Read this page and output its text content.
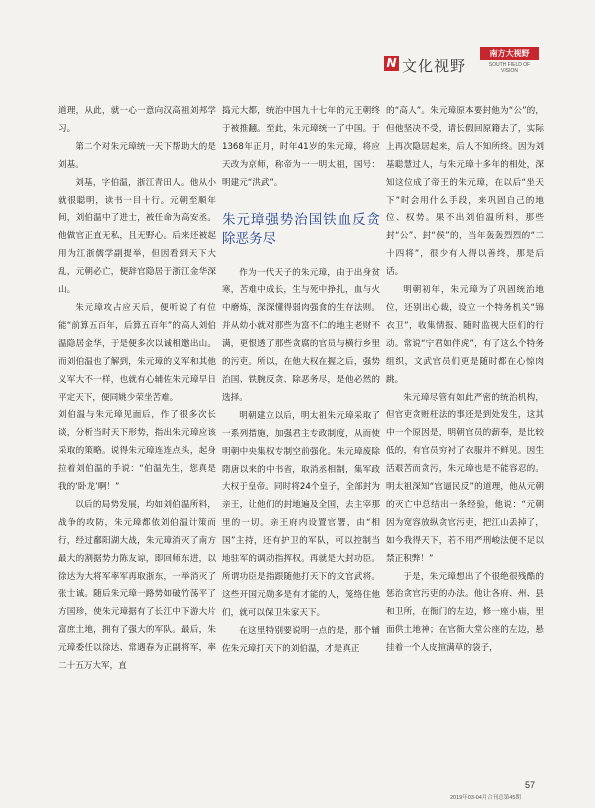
N 文化视野
南方大视野
SOUTH FIELD OF VISION

道理，从此，就一心一意向汉高祖刘邦学习。

第二个对朱元璋统一天下帮助大的是刘基。

刘基，字伯温，浙江青田人。他从小就很聪明，读书一目十行。元朝至顺年间，刘伯温中了进士，被任命为高安丞。他做官正直无私，且无野心。后来还被起用为江浙儒学副提举，但因看到天下大乱，元朝必亡，便辞官隐居于浙江金华深山。

朱元璋攻占应天后，便听说了有位能“前算五百年，后算五百年”的高人刘伯温隐居金华，于是便多次以诚相邀出山。而刘伯温也了解到，朱元璋的义军和其他义军大不一样，也就有心辅佐朱元璋早日平定天下，便同姚少荣坐苦难。

刘伯温与朱元璋见面后，作了很多次长谈，分析当时天下形势，指出朱元璋应该采取的策略。说得朱元璋连连点头，起身拉着刘伯温的手说：“伯温先生，您真是我的‘卧龙’啊！”

以后的局势发展，均如刘伯温所料，战争的攻防，朱元璋都依刘伯温计策而行，经过鄱阳湖大战，朱元璋消灭了南方最大的割据势力陈友谅，即回师东进，以徐达为大将军率军再取浙东，一举消灭了张士诚。随后朱元璋一路势如破竹荡平了方国珍，使朱元璋据有了长江中下游大片富庶土地，拥有了强大的军队。最后，朱元璋委任以徐达、常遇春为正副将军，率二十五万大军，直

捣元大都，统治中国九十七年的元王朝终于被推翻。至此，朱元璋统一了中国。于1368年正月，时年41岁的朱元璋，将应天改为京师，称帝为一一明太祖，国号：明建元“洪武”。

朱元璋强势治国铁血反贪除恶务尽

作为一代天子的朱元璋，由于出身贫寒，苦难中成长，生与死中挣扎，血与火中磨炼，深深懂得弱肉强食的生存法则。并从幼小就对那些为富不仁的地主老财不满，更恨透了那些贪腐的官员与横行乡里的污吏。所以，在他大权在握之后，强势治国、铁腕反贪、除恶务尽，是他必然的选择。

明朝建立以后，明太祖朱元璋采取了一系列措施，加强君主专政制度，从而使明朝中央集权专制空前强化。朱元璋废除隋唐以来的中书省，取消丞相制，集军政大权于皇帝。同时将24个皇子，全部封为亲王，让他们的封地遍及全国，去主宰那里的一切。亲王府内设置官署，由“相国”主持，还有护卫的军队，可以控制当地驻军的调动指挥权。再就是大封功臣。所谓功臣是指跟随他打天下的文官武将。这些开国元勋多是有才能的人，笼络住他们，就可以保卫朱家天下。

在这里特别要说明一点的是，那个辅佐朱元璋打天下的刘伯温，才是真正

的“高人”。朱元璋原本要封他为“公”的，但他坚决不受，请长假回原籍去了，实际上再次隐居起来，后人不知所终。因为刘基聪慧过人，与朱元璋十多年的相处，深知这位成了帝王的朱元璋，在以后“坐天下”时会用什么手段，来巩固自己的地位、权势。果不出刘伯温所料，那些封“公”、封“侯”的，当年轰轰烈烈的“二十四将”，很少有人得以善终，那是后话。

明朝初年，朱元璋为了巩固统治地位，还别出心裁，设立一个特务机关“锦衣卫”，收集情报、随时监视大臣们的行动。常说“宁君如伴虎”，有了这么个特务组织，文武官员们更是随时都在心惊肉跳。

朱元璋尽管有如此严密的统治机构，但官吏贪赃枉法的事还是到处发生，这其中一个原因是，明朝官员的薪奉，是比较低的，有官员穷衬了衣服并不鲜见。因生活艰苦而贪污，朱元璋也是不能容忍的。明太祖深知“官逼民反”的道理，他从元朝的灭亡中总结出一条经验，他说：“元朝因为宽容放纵贪官污吏，把江山丢掉了，如今我得天下，若不用严刑峻法便不足以禁正积弊！”

于是，朱元璋想出了个很绝很残酷的惩治贪官污吏的办法。他让各府、州、县和卫所，在衙门的左边，修一座小庙，里面供土地神；在官衙大堂公座的左边，悬挂着一个人皮揎满草的袋子，

57
2019年03-04月合刊总第45期
